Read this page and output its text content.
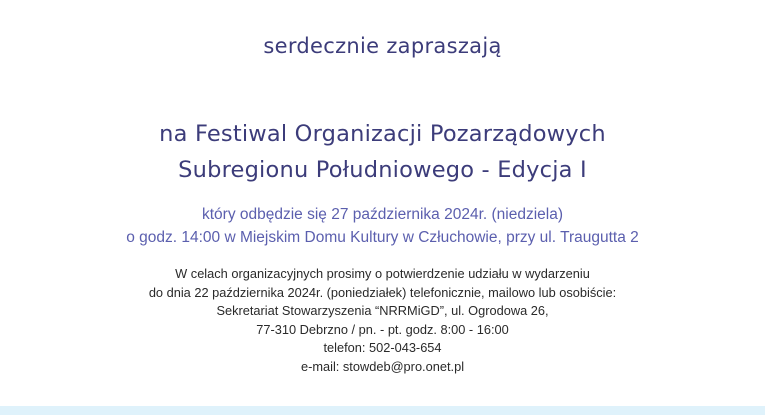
serdecznie zapraszają
na Festiwal Organizacji Pozarządowych
Subregionu Południowego - Edycja I
który odbędzie się 27 października 2024r. (niedziela)
o godz. 14:00 w Miejskim Domu Kultury w Człuchowie, przy ul. Traugutta 2
W celach organizacyjnych prosimy o potwierdzenie udziału w wydarzeniu
do dnia 22 października 2024r. (poniedziałek) telefonicznie, mailowo lub osobiście:
Sekretariat Stowarzyszenia “NRRMiGD”, ul. Ogrodowa 26,
77-310 Debrzno / pn. - pt. godz. 8:00 - 16:00
telefon: 502-043-654
e-mail: stowdeb@pro.onet.pl
